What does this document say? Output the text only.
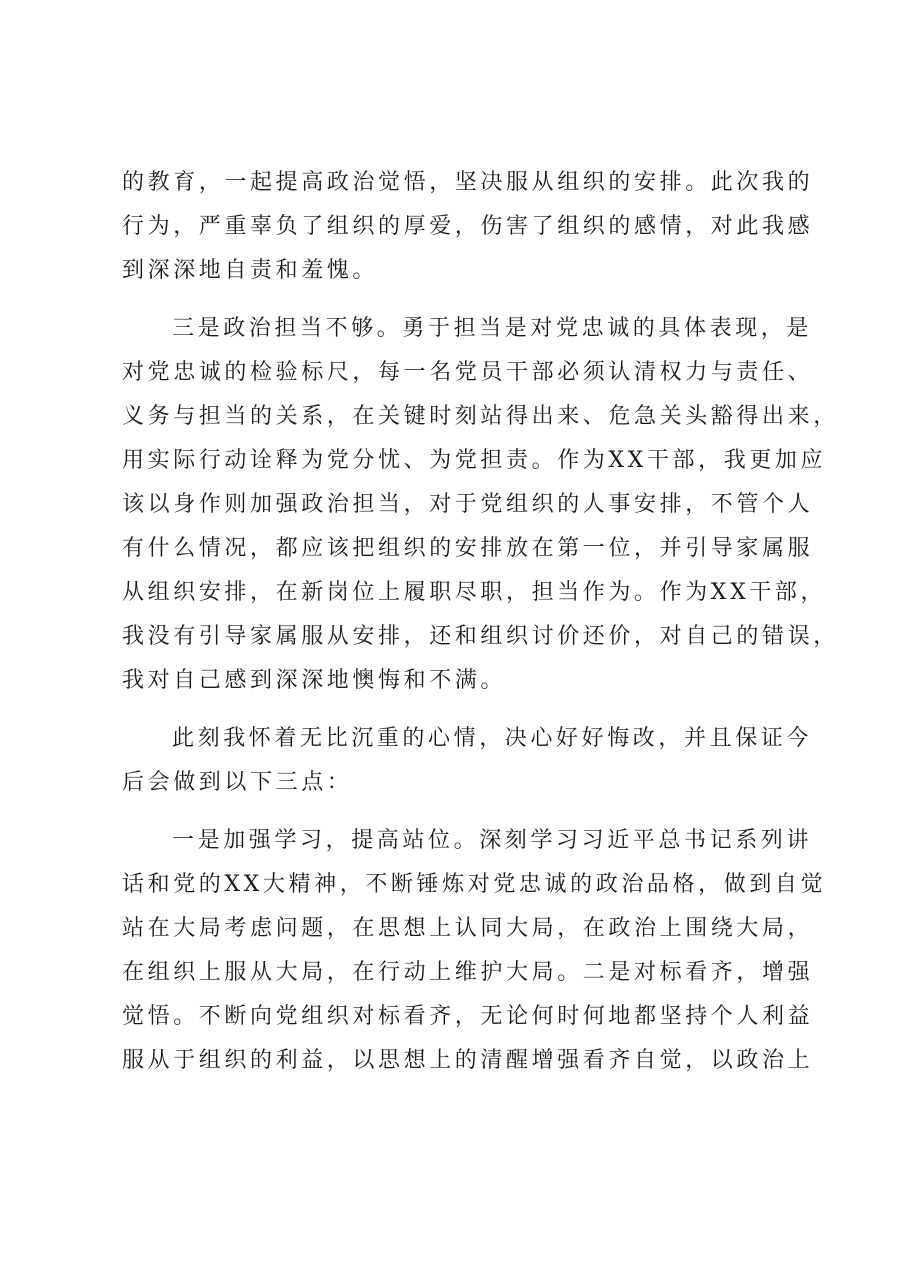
的教育，一起提高政治觉悟，坚决服从组织的安排。此次我的
行为，严重辜负了组织的厚爱，伤害了组织的感情，对此我感
到深深地自责和羞愧。
三是政治担当不够。勇于担当是对党忠诚的具体表现，是
对党忠诚的检验标尺，每一名党员干部必须认清权力与责任、
义务与担当的关系，在关键时刻站得出来、危急关头豁得出来，
用实际行动诠释为党分忧、为党担责。作为XX干部，我更加应
该以身作则加强政治担当，对于党组织的人事安排，不管个人
有什么情况，都应该把组织的安排放在第一位，并引导家属服
从组织安排，在新岗位上履职尽职，担当作为。作为XX干部，
我没有引导家属服从安排，还和组织讨价还价，对自己的错误，
我对自己感到深深地懊悔和不满。
此刻我怀着无比沉重的心情，决心好好悔改，并且保证今
后会做到以下三点：
一是加强学习，提高站位。深刻学习习近平总书记系列讲
话和党的XX大精神，不断锤炼对党忠诚的政治品格，做到自觉
站在大局考虑问题，在思想上认同大局，在政治上围绕大局，
在组织上服从大局，在行动上维护大局。二是对标看齐，增强
觉悟。不断向党组织对标看齐，无论何时何地都坚持个人利益
服从于组织的利益，以思想上的清醒增强看齐自觉，以政治上
